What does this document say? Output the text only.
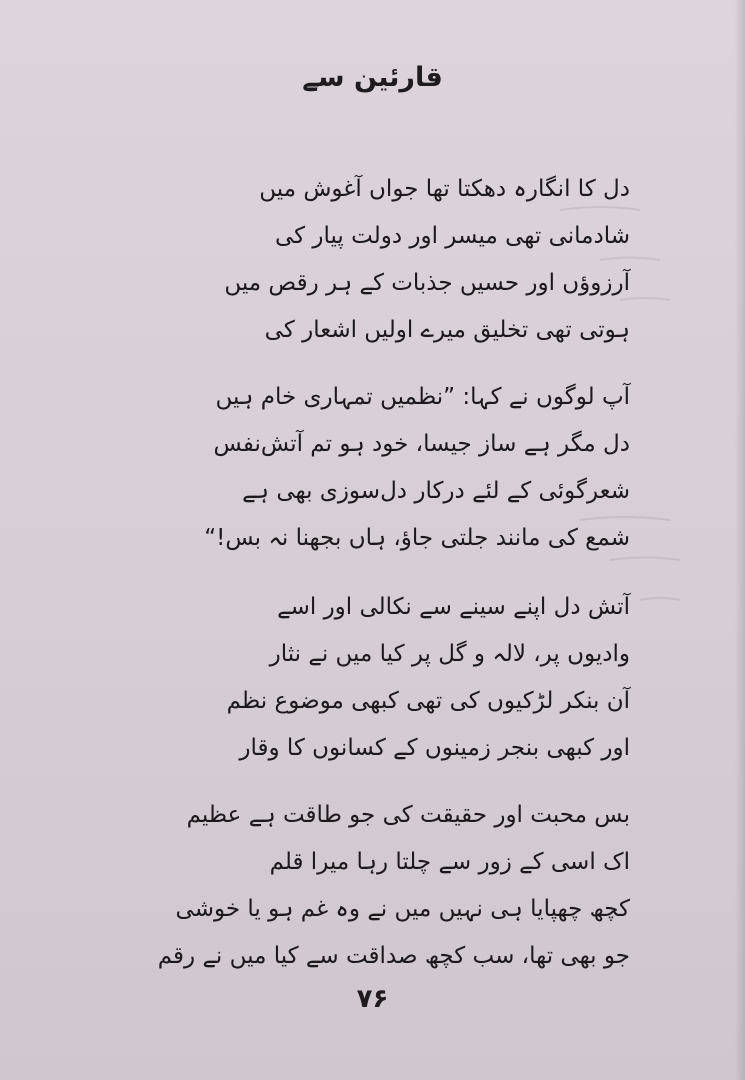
قارئین سے
دل کا انگارہ دھکتا تھا جواں آغوش میں
شادمانی تھی میسر اور دولت پیار کی
آرزوؤں اور حسیں جذبات کے ہر رقص میں
ہوتی تھی تخلیق میرے اولیں اشعار کی
آپ لوگوں نے کہا: ”نظمیں تمہاری خام ہیں
دل مگر ہے ساز جیسا، خود ہو تم آتش‌نفس
شعرگوئی کے لئے درکار دل‌سوزی بھی ہے
شمع کی مانند جلتی جاؤ، ہاں بجھنا نہ بس!“
آتش دل اپنے سینے سے نکالی اور اسے
وادیوں پر، لالہ و گل پر کیا میں نے نثار
آن بنکر لڑکیوں کی تھی کبھی موضوع نظم
اور کبھی بنجر زمینوں کے کسانوں کا وقار
بس محبت اور حقیقت کی جو طاقت ہے عظیم
اک اسی کے زور سے چلتا رہا میرا قلم
کچھ چھپایا ہی نہیں میں نے وہ غم ہو یا خوشی
جو بھی تھا، سب کچھ صداقت سے کیا میں نے رقم
۷۶
